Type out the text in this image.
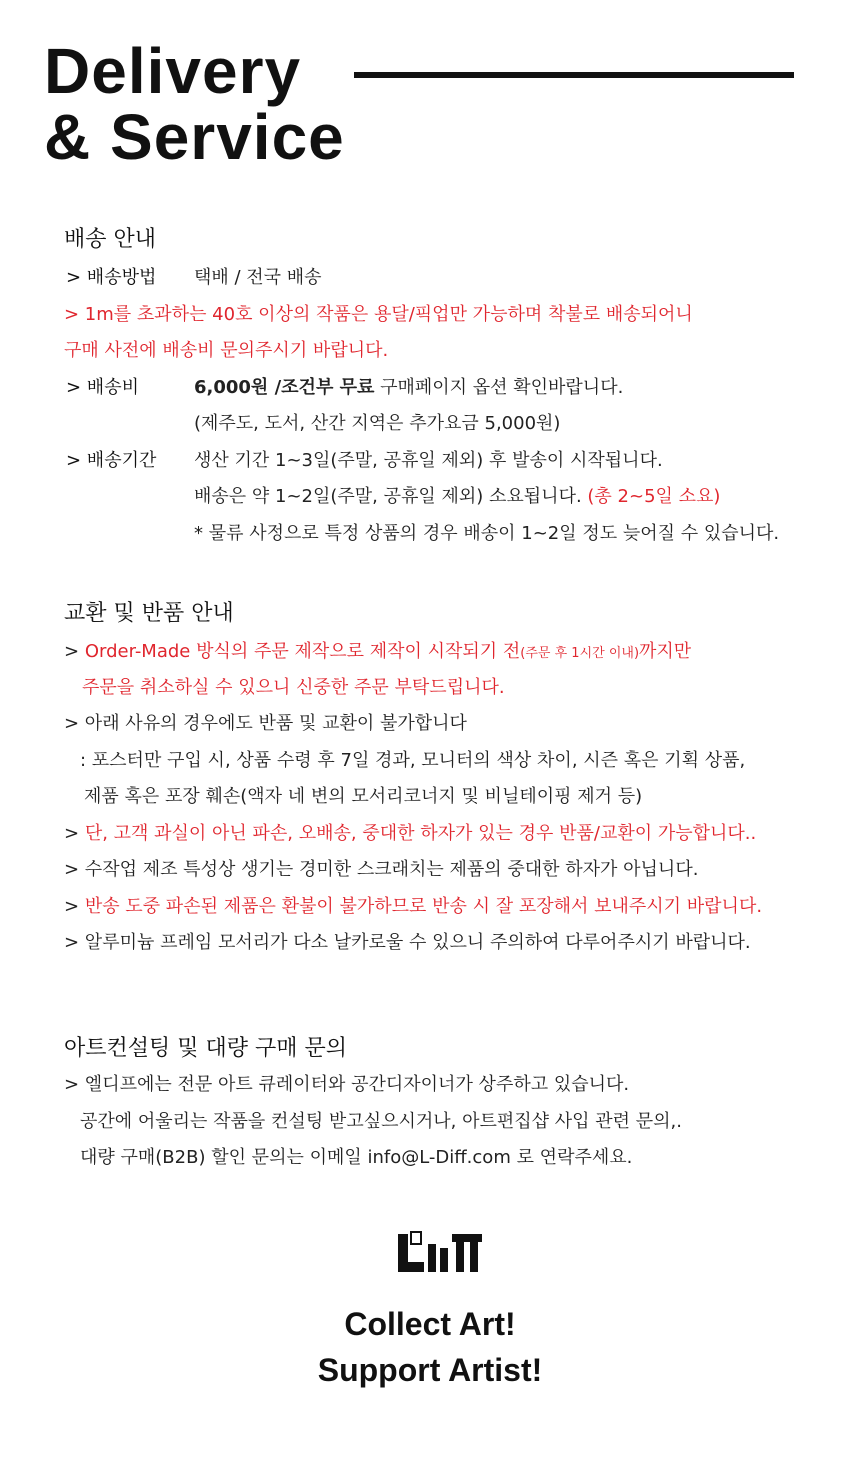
Delivery
& Service
배송 안내
> 배송방법 택배 / 전국 배송
> 1m를 초과하는 40호 이상의 작품은 용달/픽업만 가능하며 착불로 배송되어니
구매 사전에 배송비 문의주시기 바랍니다.
> 배송비	6,000원 /조건부 무료 구매페이지 옵션 확인바랍니다.
(제주도, 도서, 산간 지역은 추가요금 5,000원)
> 배송기간 생산 기간 1~3일(주말, 공휴일 제외) 후 발송이 시작됩니다.
배송은 약 1~2일(주말, 공휴일 제외) 소요됩니다. (총 2~5일 소요)
* 물류 사정으로 특정 상품의 경우 배송이 1~2일 정도 늦어질 수 있습니다.
교환 및 반품 안내
> Order-Made 방식의 주문 제작으로 제작이 시작되기 전(주문 후 1시간 이내)까지만
주문을 취소하실 수 있으니 신중한 주문 부탁드립니다.
> 아래 사유의 경우에도 반품 및 교환이 불가합니다
: 포스터만 구입 시, 상품 수령 후 7일 경과, 모니터의 색상 차이, 시즌 혹은 기획 상품,
제품 혹은 포장 훼손(액자 네 변의 모서리코너지 및 비닐테이핑 제거 등)
> 단, 고객 과실이 아닌 파손, 오배송, 중대한 하자가 있는 경우 반품/교환이 가능합니다..
> 수작업 제조 특성상 생기는 경미한 스크래치는 제품의 중대한 하자가 아닙니다.
> 반송 도중 파손된 제품은 환불이 불가하므로 반송 시 잘 포장해서 보내주시기 바랍니다.
> 알루미늄 프레임 모서리가 다소 날카로울 수 있으니 주의하여 다루어주시기 바랍니다.
아트컨설팅 및 대량 구매 문의
> 엘디프에는 전문 아트 큐레이터와 공간디자이너가 상주하고 있습니다.
공간에 어울리는 작품을 컨설팅 받고싶으시거나, 아트편집샵 사입 관련 문의,.
대량 구매(B2B) 할인 문의는 이메일 info@L-Diff.com 로 연락주세요.
Collect Art!
Support Artist!
